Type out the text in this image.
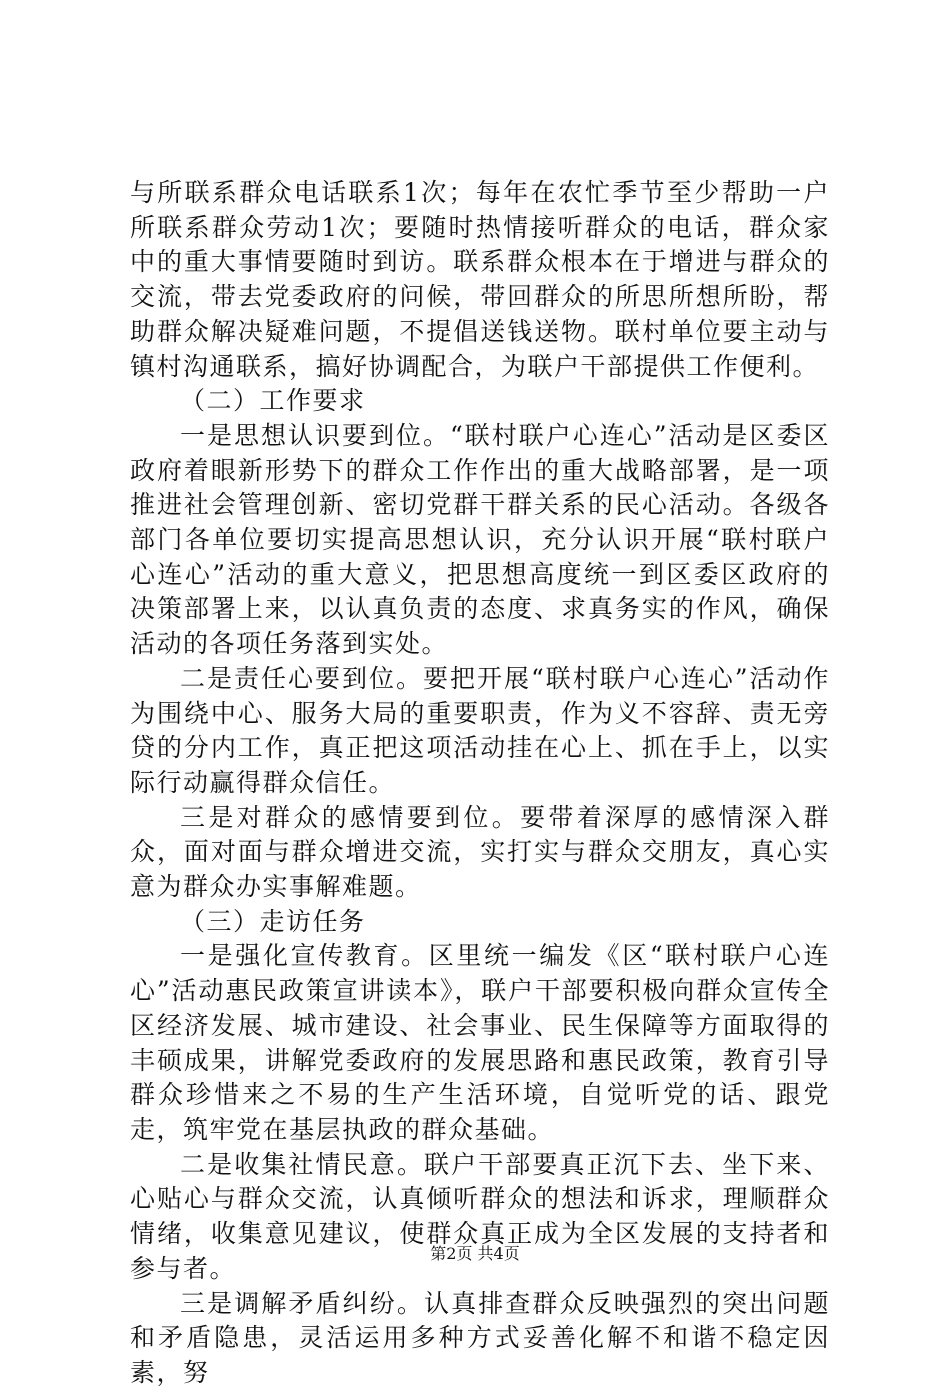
与所联系群众电话联系1次；每年在农忙季节至少帮助一户所联系群众劳动1次；要随时热情接听群众的电话，群众家中的重大事情要随时到访。联系群众根本在于增进与群众的交流，带去党委政府的问候，带回群众的所思所想所盼，帮助群众解决疑难问题，不提倡送钱送物。联村单位要主动与镇村沟通联系，搞好协调配合，为联户干部提供工作便利。

（二）工作要求

一是思想认识要到位。“联村联户心连心”活动是区委区政府着眼新形势下的群众工作作出的重大战略部署，是一项推进社会管理创新、密切党群干群关系的民心活动。各级各部门各单位要切实提高思想认识，充分认识开展“联村联户心连心”活动的重大意义，把思想高度统一到区委区政府的决策部署上来，以认真负责的态度、求真务实的作风，确保活动的各项任务落到实处。

二是责任心要到位。要把开展“联村联户心连心”活动作为围绕中心、服务大局的重要职责，作为义不容辞、责无旁贷的分内工作，真正把这项活动挂在心上、抓在手上，以实际行动赢得群众信任。

三是对群众的感情要到位。要带着深厚的感情深入群众，面对面与群众增进交流，实打实与群众交朋友，真心实意为群众办实事解难题。

（三）走访任务

一是强化宣传教育。区里统一编发《区“联村联户心连心”活动惠民政策宣讲读本》，联户干部要积极向群众宣传全区经济发展、城市建设、社会事业、民生保障等方面取得的丰硕成果，讲解党委政府的发展思路和惠民政策，教育引导群众珍惜来之不易的生产生活环境，自觉听党的话、跟党走，筑牢党在基层执政的群众基础。

二是收集社情民意。联户干部要真正沉下去、坐下来、心贴心与群众交流，认真倾听群众的想法和诉求，理顺群众情绪，收集意见建议，使群众真正成为全区发展的支持者和参与者。

三是调解矛盾纠纷。认真排查群众反映强烈的突出问题和矛盾隐患，灵活运用多种方式妥善化解不和谐不稳定因素，努

第2页 共4页
